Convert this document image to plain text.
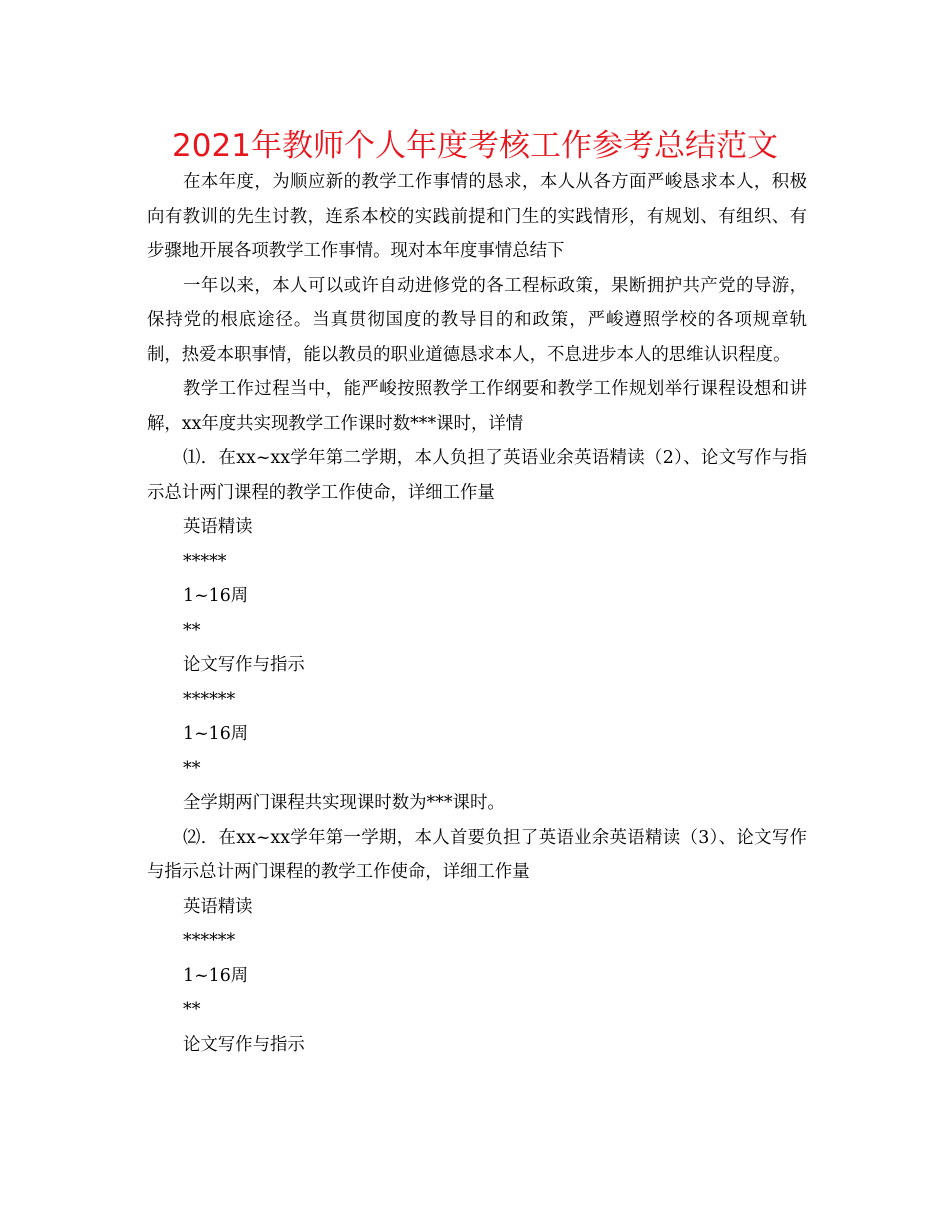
2021年教师个人年度考核工作参考总结范文

在本年度，为顺应新的教学工作事情的恳求，本人从各方面严峻恳求本人，积极向有教训的先生讨教，连系本校的实践前提和门生的实践情形，有规划、有组织、有步骤地开展各项教学工作事情。现对本年度事情总结下

一年以来，本人可以或许自动进修党的各工程标政策，果断拥护共产党的导游，保持党的根底途径。当真贯彻国度的教导目的和政策，严峻遵照学校的各项规章轨制，热爱本职事情，能以教员的职业道德恳求本人，不息进步本人的思维认识程度。

教学工作过程当中，能严峻按照教学工作纲要和教学工作规划举行课程设想和讲解，xx年度共实现教学工作课时数***课时，详情

⑴．在xx~xx学年第二学期，本人负担了英语业余英语精读（2）、论文写作与指示总计两门课程的教学工作使命，详细工作量

英语精读

*****

1~16周

**

论文写作与指示

******

1~16周

**

全学期两门课程共实现课时数为***课时。

⑵．在xx~xx学年第一学期，本人首要负担了英语业余英语精读（3）、论文写作与指示总计两门课程的教学工作使命，详细工作量

英语精读

******

1~16周

**

论文写作与指示
